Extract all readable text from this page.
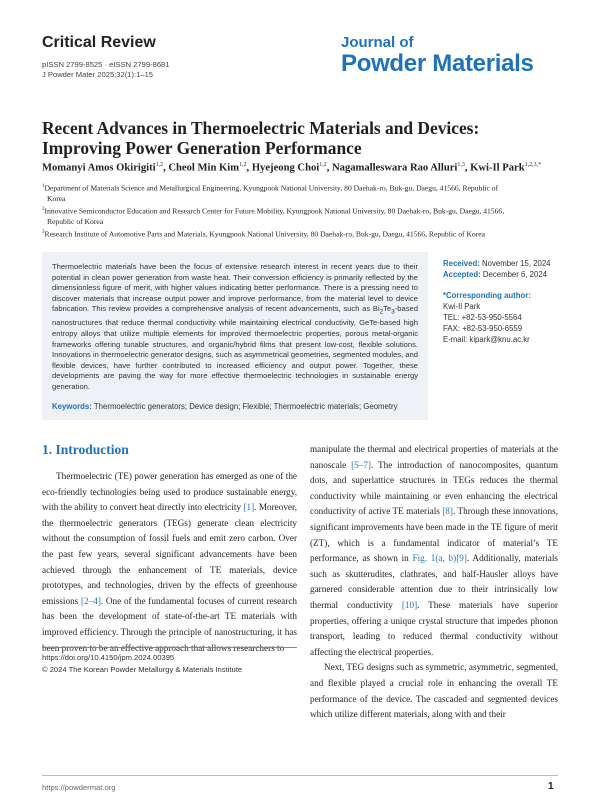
Critical Review
pISSN 2799-8525 · eISSN 2799-8681
J Powder Mater 2025;32(1):1–15
Journal of
Powder Materials
Recent Advances in Thermoelectric Materials and Devices: Improving Power Generation Performance
Momanyi Amos Okirigiti$^{1,2}$, Cheol Min Kim$^{1,2}$, Hyejeong Choi$^{1,2}$, Nagamalleswara Rao Alluri$^{1,3}$, Kwi-Il Park$^{1,2,3,*}$
$^1$Department of Materials Science and Metallurgical Engineering, Kyungpook National University, 80 Daehak-ro, Buk-gu, Daegu, 41566, Republic of
Korea
$^2$Innovative Semiconductor Education and Research Center for Future Mobility, Kyungpook National University, 80 Daehak-ro, Buk-gu, Daegu, 41566,
Republic of Korea
$^3$Research Institute of Automotive Parts and Materials, Kyungpook National University, 80 Daehak-ro, Buk-gu, Daegu, 41566, Republic of Korea
Thermoelectric materials have been the focus of extensive research interest in recent years due to their potential in clean power generation from waste heat. Their conversion efficiency is primarily reflected by the dimensionless figure of merit, with higher values indicating better performance. There is a pressing need to discover materials that increase output power and improve performance, from the material level to device fabrication. This review provides a comprehensive analysis of recent advancements, such as $Bi_2Te_3$-based nanostructures that reduce thermal conductivity while maintaining electrical conductivity, GeTe-based high entropy alloys that utilize multiple elements for improved thermoelectric properties, porous metal-organic frameworks offering tunable structures, and organic/hybrid films that present low-cost, flexible solutions. Innovations in thermoelectric generator designs, such as asymmetrical geometries, segmented modules, and flexible devices, have further contributed to increased efficiency and output power. Together, these developments are paving the way for more effective thermoelectric technologies in sustainable energy generation.
Keywords: Thermoelectric generators; Device design; Flexible; Thermoelectric materials; Geometry
Received: November 15, 2024
Accepted: December 6, 2024
*Corresponding author:
Kwi-Il Park
TEL: +82-53-950-5564
FAX: +82-53-950-6559
E-mail: kipark@knu.ac.kr
1. Introduction

Thermoelectric (TE) power generation has emerged as one of the eco-friendly technologies being used to produce sustainable energy, with the ability to convert heat directly into electricity [1]. Moreover, the thermoelectric generators (TEGs) generate clean electricity without the consumption of fossil fuels and emit zero carbon. Over the past few years, several significant advancements have been achieved through the enhancement of TE materials, device prototypes, and technologies, driven by the effects of greenhouse emissions [2–4]. One of the fundamental focuses of current research has been the development of state-of-the-art TE materials with improved efficiency. Through the principle of nanostructuring, it has been proven to be an effective approach that allows researchers to

manipulate the thermal and electrical properties of materials at the nanoscale [5–7]. The introduction of nanocomposites, quantum dots, and superlattice structures in TEGs reduces the thermal conductivity while maintaining or even enhancing the electrical conductivity of active TE materials [8]. Through these innovations, significant improvements have been made in the TE figure of merit (ZT), which is a fundamental indicator of material’s TE performance, as shown in Fig. 1(a, b)[9]. Additionally, materials such as skutterudites, clathrates, and half-Hausler alloys have garnered considerable attention due to their intrinsically low thermal conductivity [10]. These materials have superior properties, offering a unique crystal structure that impedes phonon transport, leading to reduced thermal conductivity without affecting the electrical properties.

Next, TEG designs such as symmetric, asymmetric, segmented, and flexible played a crucial role in enhancing the overall TE performance of the device. The cascaded and segmented devices which utilize different materials, along with and their

https://doi.org/10.4150/jpm.2024.00395
© 2024 The Korean Powder Metallurgy & Materials Institute
https://powdermat.org	1
